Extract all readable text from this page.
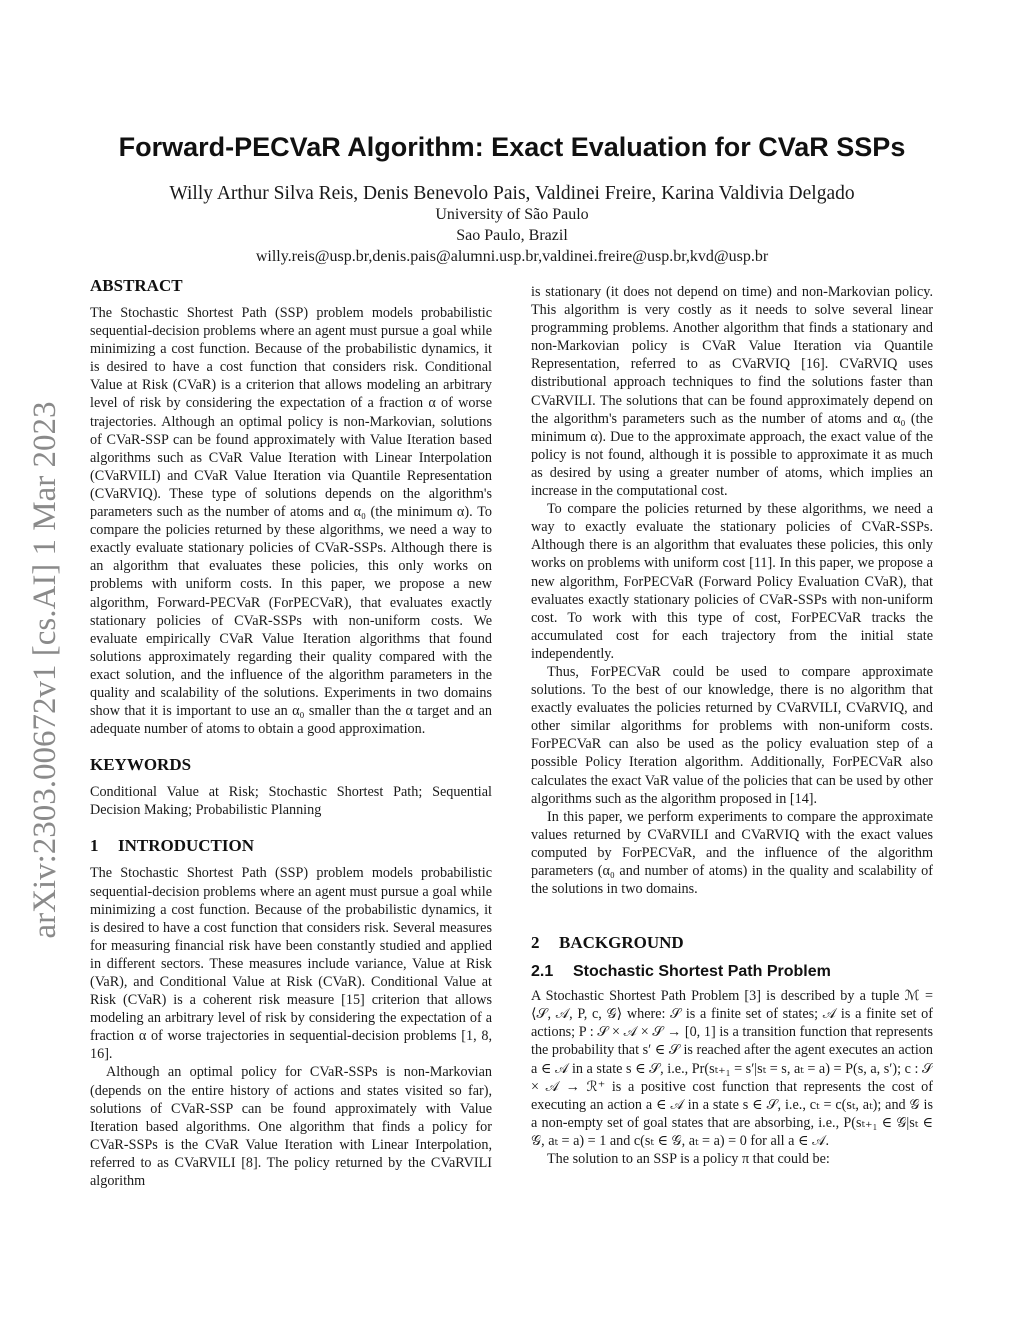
arXiv:2303.00672v1 [cs.AI] 1 Mar 2023
Forward-PECVaR Algorithm: Exact Evaluation for CVaR SSPs
Willy Arthur Silva Reis, Denis Benevolo Pais, Valdinei Freire, Karina Valdivia Delgado
University of São Paulo
Sao Paulo, Brazil
willy.reis@usp.br,denis.pais@alumni.usp.br,valdinei.freire@usp.br,kvd@usp.br
ABSTRACT

The Stochastic Shortest Path (SSP) problem models probabilistic sequential-decision problems where an agent must pursue a goal while minimizing a cost function. Because of the probabilistic dynamics, it is desired to have a cost function that considers risk. Conditional Value at Risk (CVaR) is a criterion that allows modeling an arbitrary level of risk by considering the expectation of a fraction α of worse trajectories. Although an optimal policy is non-Markovian, solutions of CVaR-SSP can be found approximately with Value Iteration based algorithms such as CVaR Value Iteration with Linear Interpolation (CVaRVILI) and CVaR Value Iteration via Quantile Representation (CVaRVIQ). These type of solutions depends on the algorithm's parameters such as the number of atoms and α₀ (the minimum α). To compare the policies returned by these algorithms, we need a way to exactly evaluate stationary policies of CVaR-SSPs. Although there is an algorithm that evaluates these policies, this only works on problems with uniform costs. In this paper, we propose a new algorithm, Forward-PECVaR (ForPECVaR), that evaluates exactly stationary policies of CVaR-SSPs with non-uniform costs. We evaluate empirically CVaR Value Iteration algorithms that found solutions approximately regarding their quality compared with the exact solution, and the influence of the algorithm parameters in the quality and scalability of the solutions. Experiments in two domains show that it is important to use an α₀ smaller than the α target and an adequate number of atoms to obtain a good approximation.

KEYWORDS

Conditional Value at Risk; Stochastic Shortest Path; Sequential Decision Making; Probabilistic Planning

1 INTRODUCTION

The Stochastic Shortest Path (SSP) problem models probabilistic sequential-decision problems where an agent must pursue a goal while minimizing a cost function. Because of the probabilistic dynamics, it is desired to have a cost function that considers risk. Several measures for measuring financial risk have been constantly studied and applied in different sectors. These measures include variance, Value at Risk (VaR), and Conditional Value at Risk (CVaR). Conditional Value at Risk (CVaR) is a coherent risk measure [15] criterion that allows modeling an arbitrary level of risk by considering the expectation of a fraction α of worse trajectories in sequential-decision problems [1, 8, 16].

Although an optimal policy for CVaR-SSPs is non-Markovian (depends on the entire history of actions and states visited so far), solutions of CVaR-SSP can be found approximately with Value Iteration based algorithms. One algorithm that finds a policy for CVaR-SSPs is the CVaR Value Iteration with Linear Interpolation, referred to as CVaRVILI [8]. The policy returned by the CVaRVILI algorithm

is stationary (it does not depend on time) and non-Markovian policy. This algorithm is very costly as it needs to solve several linear programming problems. Another algorithm that finds a stationary and non-Markovian policy is CVaR Value Iteration via Quantile Representation, referred to as CVaRVIQ [16]. CVaRVIQ uses distributional approach techniques to find the solutions faster than CVaRVILI. The solutions that can be found approximately depend on the algorithm's parameters such as the number of atoms and α₀ (the minimum α). Due to the approximate approach, the exact value of the policy is not found, although it is possible to approximate it as much as desired by using a greater number of atoms, which implies an increase in the computational cost.

To compare the policies returned by these algorithms, we need a way to exactly evaluate the stationary policies of CVaR-SSPs. Although there is an algorithm that evaluates these policies, this only works on problems with uniform cost [11]. In this paper, we propose a new algorithm, ForPECVaR (Forward Policy Evaluation CVaR), that evaluates exactly stationary policies of CVaR-SSPs with non-uniform cost. To work with this type of cost, ForPECVaR tracks the accumulated cost for each trajectory from the initial state independently.

Thus, ForPECVaR could be used to compare approximate solutions. To the best of our knowledge, there is no algorithm that exactly evaluates the policies returned by CVaRVILI, CVaRVIQ, and other similar algorithms for problems with non-uniform costs. ForPECVaR can also be used as the policy evaluation step of a possible Policy Iteration algorithm. Additionally, ForPECVaR also calculates the exact VaR value of the policies that can be used by other algorithms such as the algorithm proposed in [14].

In this paper, we perform experiments to compare the approximate values returned by CVaRVILI and CVaRVIQ with the exact values computed by ForPECVaR, and the influence of the algorithm parameters (α₀ and number of atoms) in the quality and scalability of the solutions in two domains.

2 BACKGROUND
2.1 Stochastic Shortest Path Problem

A Stochastic Shortest Path Problem [3] is described by a tuple ℳ = ⟨𝒮, 𝒜, P, c, 𝒢⟩ where: 𝒮 is a finite set of states; 𝒜 is a finite set of actions; P : 𝒮 × 𝒜 × 𝒮 → [0, 1] is a transition function that represents the probability that s′ ∈ 𝒮 is reached after the agent executes an action a ∈ 𝒜 in a state s ∈ 𝒮, i.e., Pr(sₜ₊₁ = s′|sₜ = s, aₜ = a) = P(s, a, s′); c : 𝒮 × 𝒜 → ℛ⁺ is a positive cost function that represents the cost of executing an action a ∈ 𝒜 in a state s ∈ 𝒮, i.e., cₜ = c(sₜ, aₜ); and 𝒢 is a non-empty set of goal states that are absorbing, i.e., P(sₜ₊₁ ∈ 𝒢|sₜ ∈ 𝒢, aₜ = a) = 1 and c(sₜ ∈ 𝒢, aₜ = a) = 0 for all a ∈ 𝒜.

The solution to an SSP is a policy π that could be:
